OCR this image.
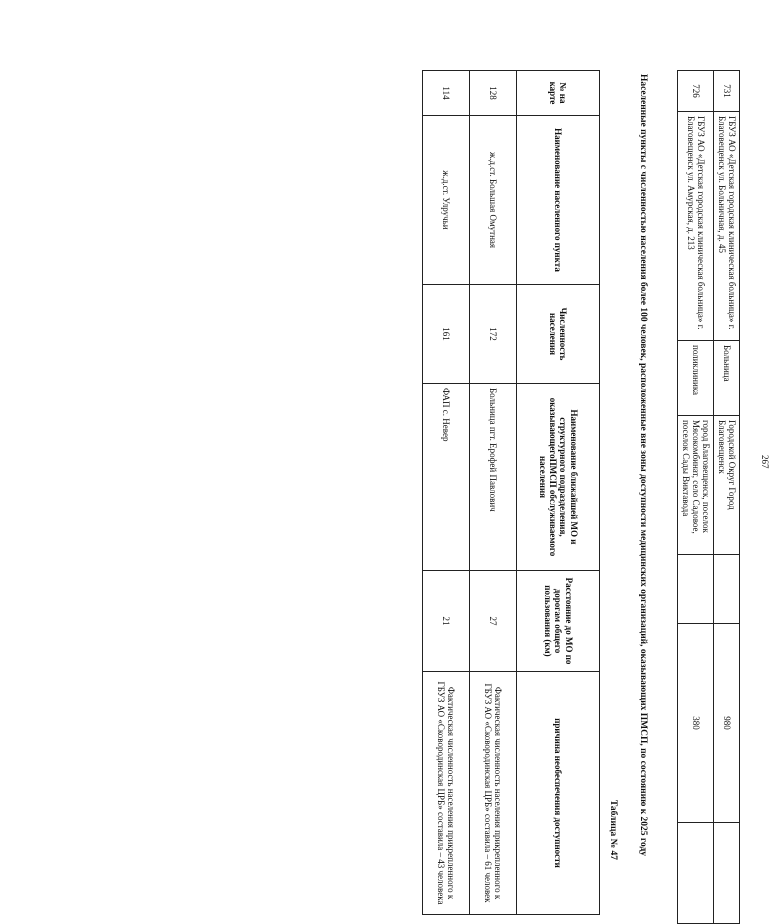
267
731	ГБУЗ АО «Детская городская клиническая больница» г. Благовещенск ул. Больничная, д. 45	Больница	Городской Округ Город Благовещенск		980	
726	ГБУЗ АО «Детская городская клиническая больница» г. Благовещенск ул. Амурская, д. 213	поликлиника	город Благовещенск, поселок Мясокомбинат, село Садовое, поселок Сады Виктавода		380	
Населенные пункты с численностью населения более 100 человек, расположенные вне зоны доступности медицинских организаций, оказывающих ПМСП, по состоянию к 2025 году
Таблица № 47
№ на карте	Наименование населенного пункта	Численность населения	Наименование ближайшей МО и структурного подразделения, оказывающегоПМСП обслуживаемого населения	Расстояние до МО по дорогам общего пользования (км)	причина необеспечения доступности
128	ж.д.ст. Большая Омутная	172	Больница пгт. Ерофей Павлович	27	Фактическая численность населения прикрепленного к ГБУЗ АО «Сковородинская ЦРБ» составила – 61 человек
114	ж.д.ст. Улручьи	161	ФАП с. Невер	21	Фактическая численность населения прикрепленного к ГБУЗ АО «Сковородинская ЦРБ» составила – 43 человека
